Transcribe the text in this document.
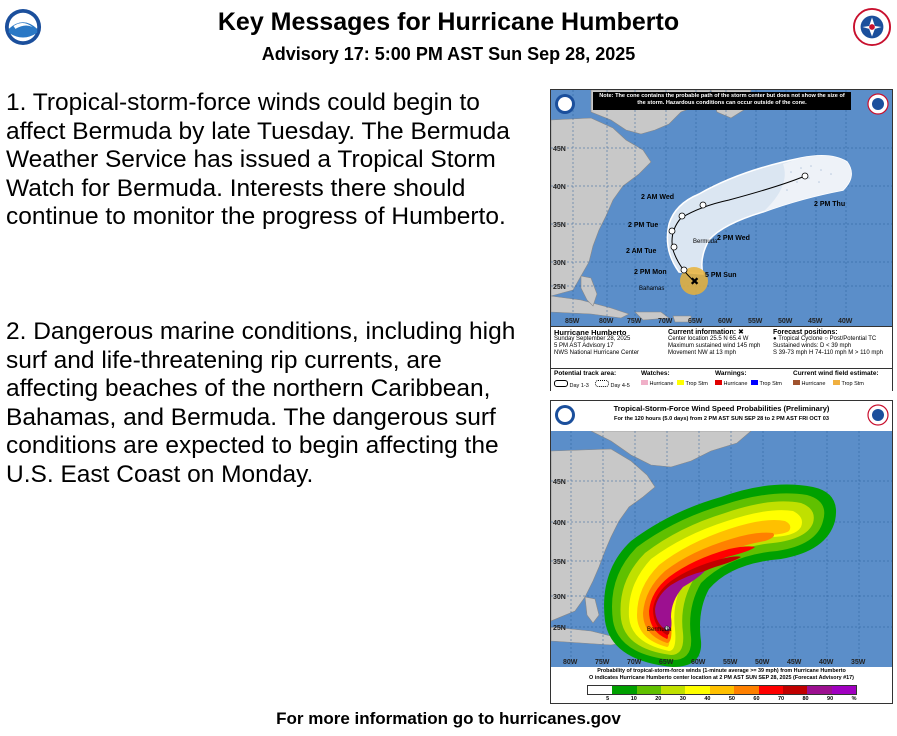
Key Messages for Hurricane Humberto
Advisory 17: 5:00 PM AST Sun Sep 28, 2025
1. Tropical-storm-force winds could begin to affect Bermuda by late Tuesday. The Bermuda Weather Service has issued a Tropical Storm Watch for Bermuda. Interests there should continue to monitor the progress of Humberto.
2. Dangerous marine conditions, including high surf and life-threatening rip currents, are affecting beaches of the northern Caribbean, Bahamas, and Bermuda. The dangerous surf conditions are expected to begin affecting the U.S. East Coast on Monday.
✖
5 PM Sun
2 PM Mon
2 AM Tue
2 PM Tue
2 AM Wed
2 PM Wed
2 PM Thu
Bermuda
Bahamas
45N
40N
35N
30N
25N
85W	80W 75W 70W 65W 60W 55W 50W 45W 40W
Note: The cone contains the probable path of the storm center but does not show the size of the storm. Hazardous conditions can occur outside of the cone.
Hurricane Humberto
Sunday September 28, 2025
5 PM AST Advisory 17
NWS National Hurricane Center
Current information: ✖
Center location 25.5 N 65.4 W
Maximum sustained wind 145 mph
Movement NW at 13 mph
Forecast positions:
● Tropical Cyclone ○ Post/Potential TC
Sustained winds: D < 39 mph
S 39-73 mph H 74-110 mph M > 110 mph
Potential track area:
Day 1-3	Day 4-5
Watches:
Hurricane	Trop Stm
Warnings:
Hurricane	Trop Stm
Current wind field estimate:
Hurricane	Trop Stm
Tropical-Storm-Force Wind Speed Probabilities (Preliminary)
For the 120 hours (5.0 days) from 2 PM AST SUN SEP 28 to 2 PM AST FRI OCT 03
Bermuda
45N
40N
35N
30N
25N
80W	75W	70W	65W	60W	55W	50W	45W	40W	35W
Probability of tropical-storm-force winds (1-minute average >= 39 mph) from Hurricane Humberto
O indicates Hurricane Humberto center location at 2 PM AST SUN SEP 28, 2025 (Forecast Advisory #17)
5	10	20	30	40	50	60	70	80	90	%
For more information go to hurricanes.gov
